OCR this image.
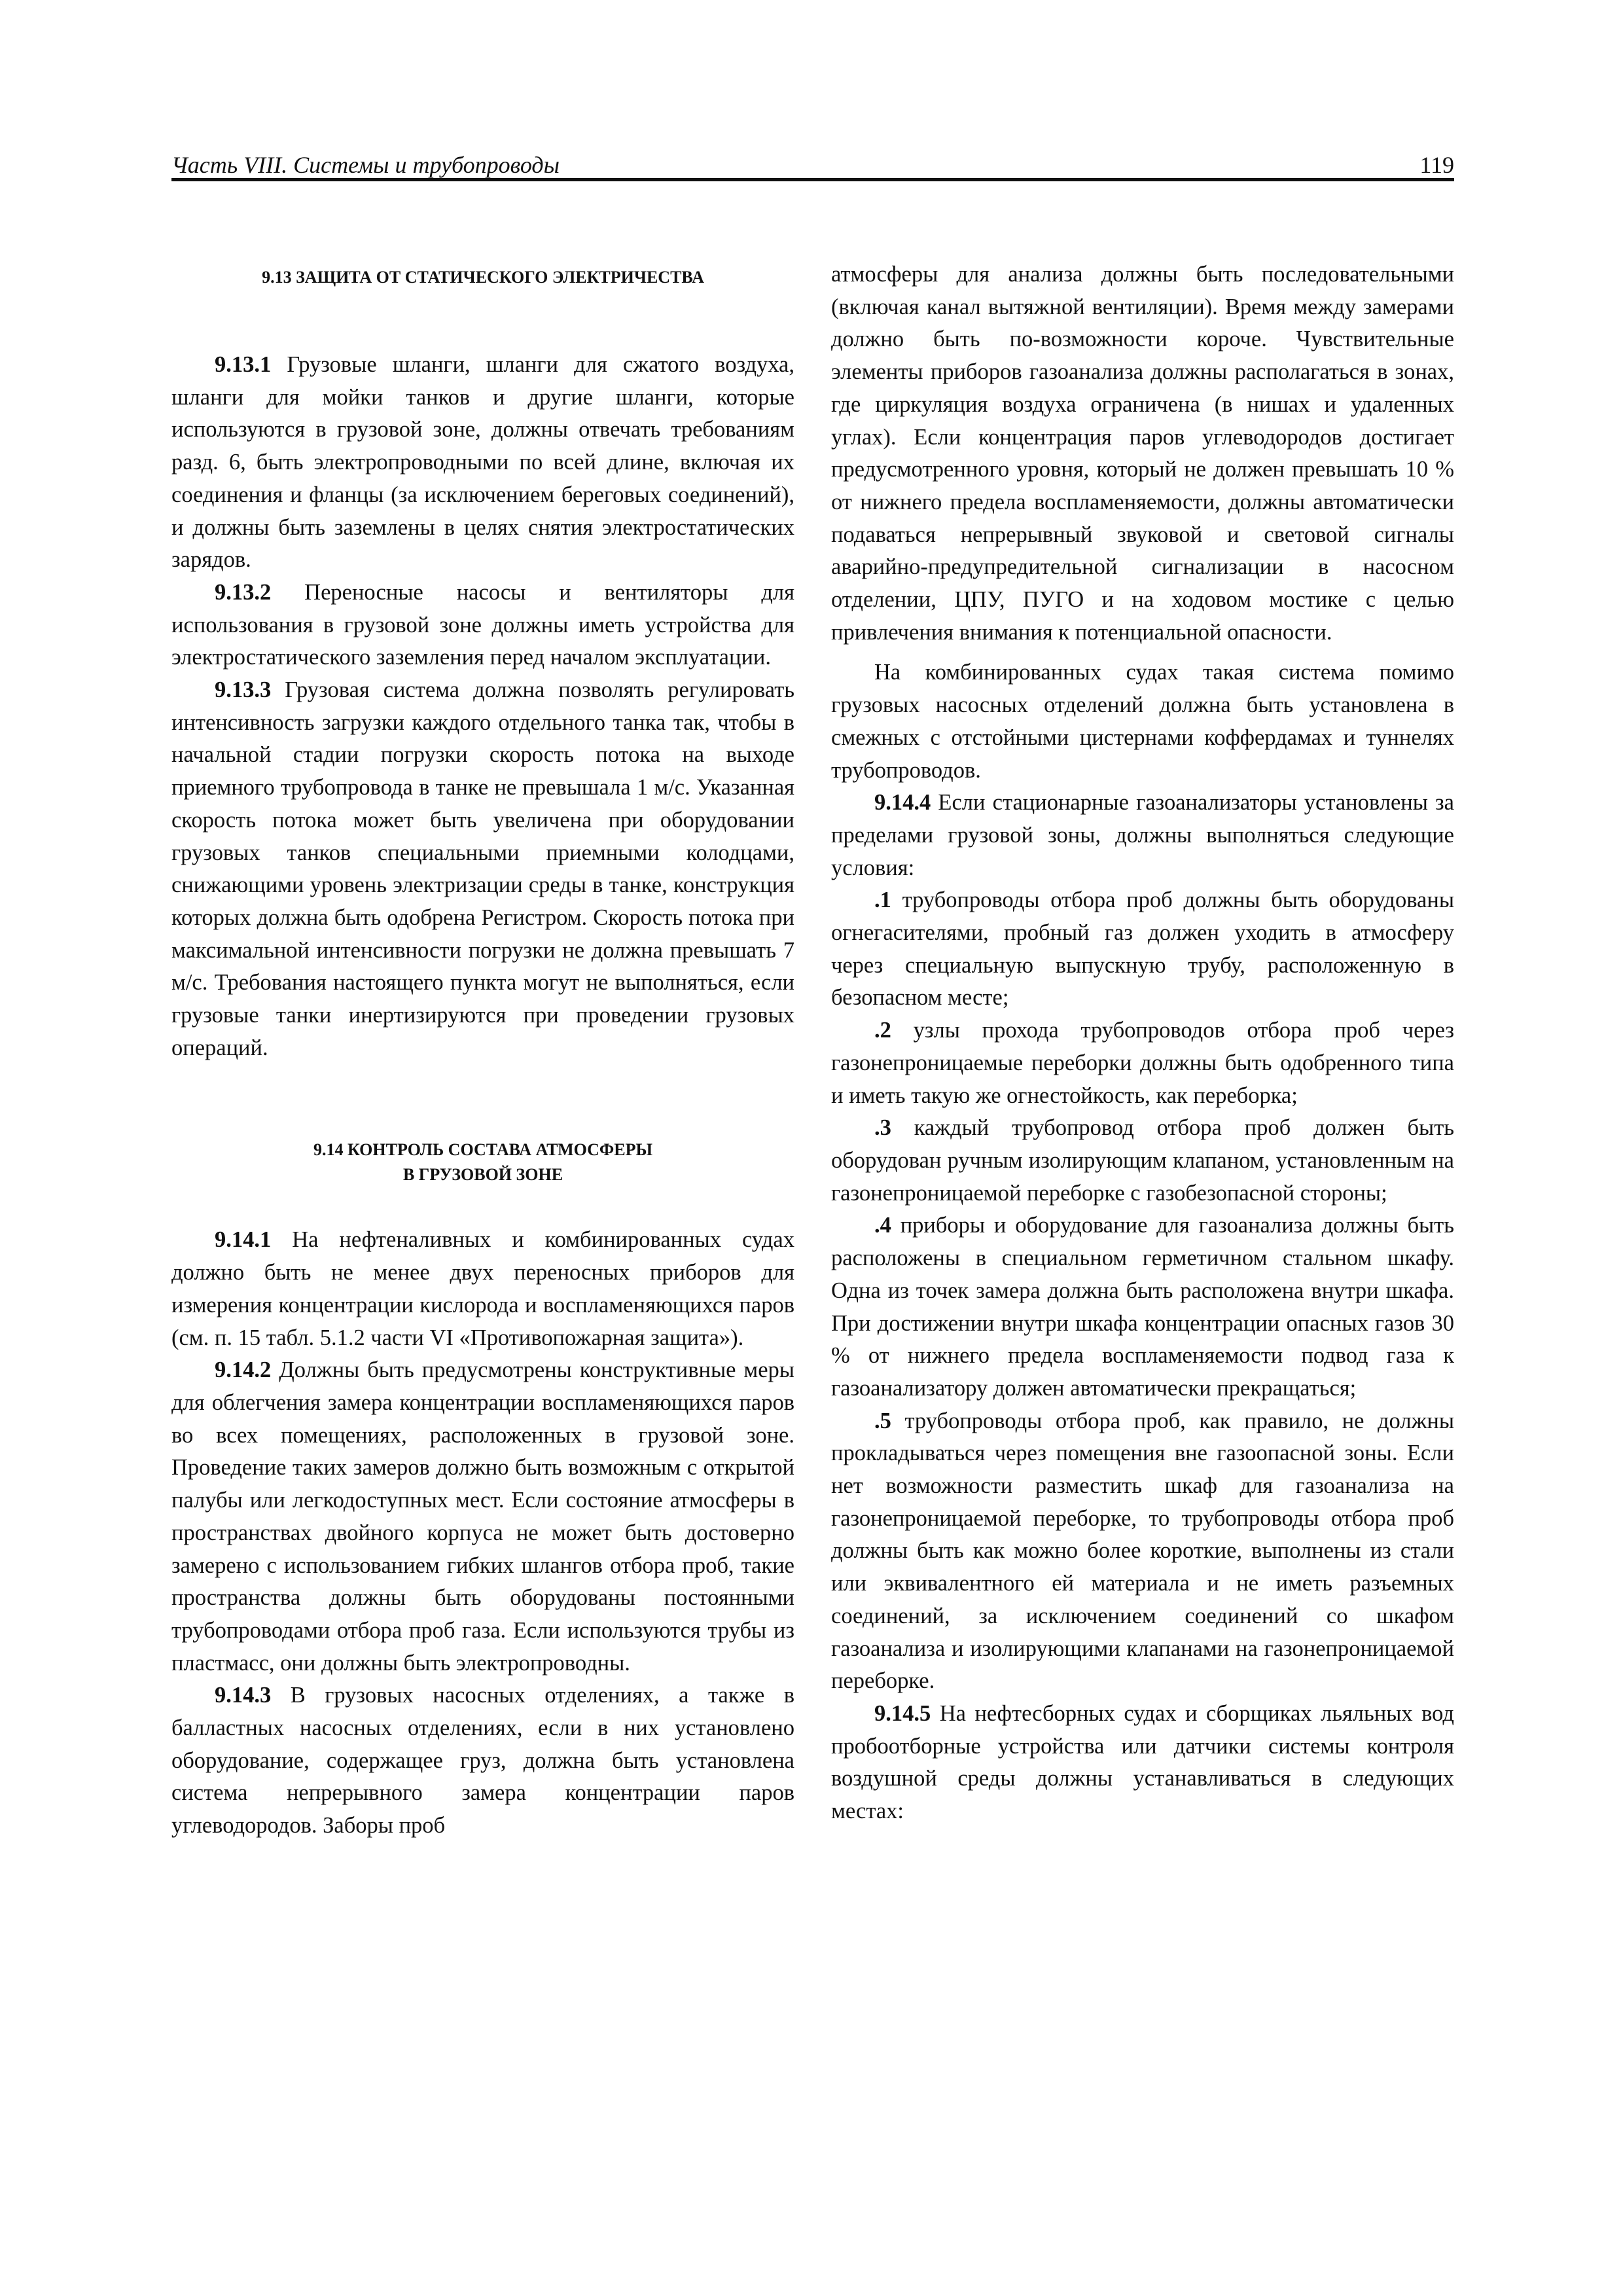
Часть VIII. Системы и трубопроводы	119
9.13 ЗАЩИТА ОТ СТАТИЧЕСКОГО ЭЛЕКТРИЧЕСТВА

9.13.1 Грузовые шланги, шланги для сжатого воздуха, шланги для мойки танков и другие шланги, которые используются в грузовой зоне, должны отвечать требованиям разд. 6, быть электропроводными по всей длине, включая их соединения и фланцы (за исключением береговых соединений), и должны быть заземлены в целях снятия электростатических зарядов.

9.13.2 Переносные насосы и вентиляторы для использования в грузовой зоне должны иметь устройства для электростатического заземления перед началом эксплуатации.

9.13.3 Грузовая система должна позволять регулировать интенсивность загрузки каждого отдельного танка так, чтобы в начальной стадии погрузки скорость потока на выходе приемного трубопровода в танке не превышала 1 м/с. Указанная скорость потока может быть увеличена при оборудовании грузовых танков специальными приемными колодцами, снижающими уровень электризации среды в танке, конструкция которых должна быть одобрена Регистром. Скорость потока при максимальной интенсивности погрузки не должна превышать 7 м/с. Требования настоящего пункта могут не выполняться, если грузовые танки инертизируются при проведении грузовых операций.

9.14 КОНТРОЛЬ СОСТАВА АТМОСФЕРЫ
В ГРУЗОВОЙ ЗОНЕ

9.14.1 На нефтеналивных и комбинированных судах должно быть не менее двух переносных приборов для измерения концентрации кислорода и воспламеняющихся паров (см. п. 15 табл. 5.1.2 части VI «Противопожарная защита»).

9.14.2 Должны быть предусмотрены конструктивные меры для облегчения замера концентрации воспламеняющихся паров во всех помещениях, расположенных в грузовой зоне. Проведение таких замеров должно быть возможным с открытой палубы или легкодоступных мест. Если состояние атмосферы в пространствах двойного корпуса не может быть достоверно замерено с использованием гибких шлангов отбора проб, такие пространства должны быть оборудованы постоянными трубопроводами отбора проб газа. Если используются трубы из пластмасс, они должны быть электропроводны.

9.14.3 В грузовых насосных отделениях, а также в балластных насосных отделениях, если в них установлено оборудование, содержащее груз, должна быть установлена система непрерывного замера концентрации паров углеводородов. Заборы проб

атмосферы для анализа должны быть последовательными (включая канал вытяжной вентиляции). Время между замерами должно быть по-возможности короче. Чувствительные элементы приборов газоанализа должны располагаться в зонах, где циркуляция воздуха ограничена (в нишах и удаленных углах). Если концентрация паров углеводородов достигает предусмотренного уровня, который не должен превышать 10 % от нижнего предела воспламеняемости, должны автоматически подаваться непрерывный звуковой и световой сигналы аварийно-предупредительной сигнализации в насосном отделении, ЦПУ, ПУГО и на ходовом мостике с целью привлечения внимания к потенциальной опасности.

На комбинированных судах такая система помимо грузовых насосных отделений должна быть установлена в смежных с отстойными цистернами коффердамах и туннелях трубопроводов.

9.14.4 Если стационарные газоанализаторы установлены за пределами грузовой зоны, должны выполняться следующие условия:

.1 трубопроводы отбора проб должны быть оборудованы огнегасителями, пробный газ должен уходить в атмосферу через специальную выпускную трубу, расположенную в безопасном месте;

.2 узлы прохода трубопроводов отбора проб через газонепроницаемые переборки должны быть одобренного типа и иметь такую же огнестойкость, как переборка;

.3 каждый трубопровод отбора проб должен быть оборудован ручным изолирующим клапаном, установленным на газонепроницаемой переборке с газобезопасной стороны;

.4 приборы и оборудование для газоанализа должны быть расположены в специальном герметичном стальном шкафу. Одна из точек замера должна быть расположена внутри шкафа. При достижении внутри шкафа концентрации опасных газов 30 % от нижнего предела воспламеняемости подвод газа к газоанализатору должен автоматически прекращаться;

.5 трубопроводы отбора проб, как правило, не должны прокладываться через помещения вне газоопасной зоны. Если нет возможности разместить шкаф для газоанализа на газонепроницаемой переборке, то трубопроводы отбора проб должны быть как можно более короткие, выполнены из стали или эквивалентного ей материала и не иметь разъемных соединений, за исключением соединений со шкафом газоанализа и изолирующими клапанами на газонепроницаемой переборке.

9.14.5 На нефтесборных судах и сборщиках льяльных вод пробоотборные устройства или датчики системы контроля воздушной среды должны устанавливаться в следующих местах:
